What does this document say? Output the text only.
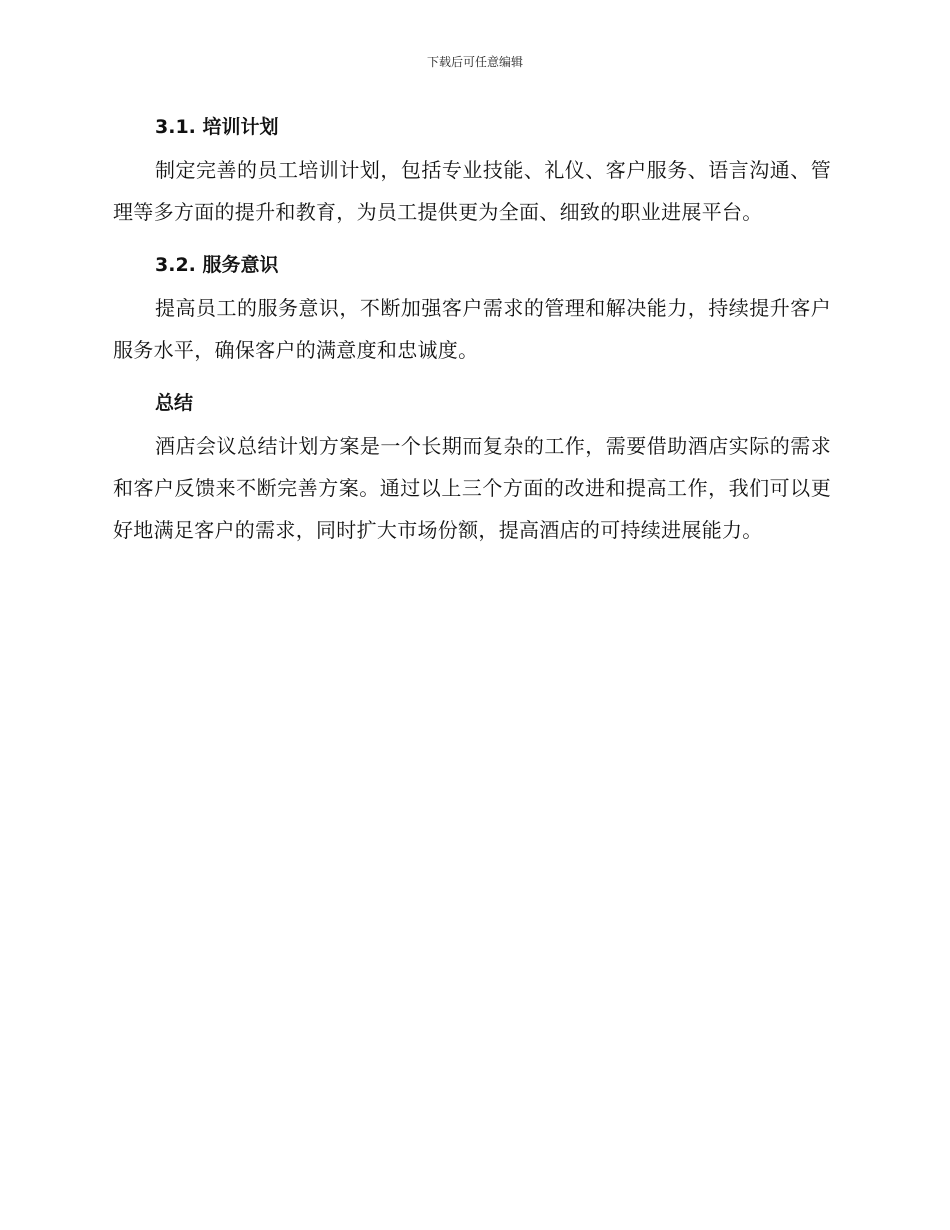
下载后可任意编辑
3.1. 培训计划

制定完善的员工培训计划，包括专业技能、礼仪、客户服务、语言沟通、管理等多方面的提升和教育，为员工提供更为全面、细致的职业进展平台。

3.2. 服务意识

提高员工的服务意识，不断加强客户需求的管理和解决能力，持续提升客户服务水平，确保客户的满意度和忠诚度。

总结

酒店会议总结计划方案是一个长期而复杂的工作，需要借助酒店实际的需求和客户反馈来不断完善方案。通过以上三个方面的改进和提高工作，我们可以更好地满足客户的需求，同时扩大市场份额，提高酒店的可持续进展能力。
